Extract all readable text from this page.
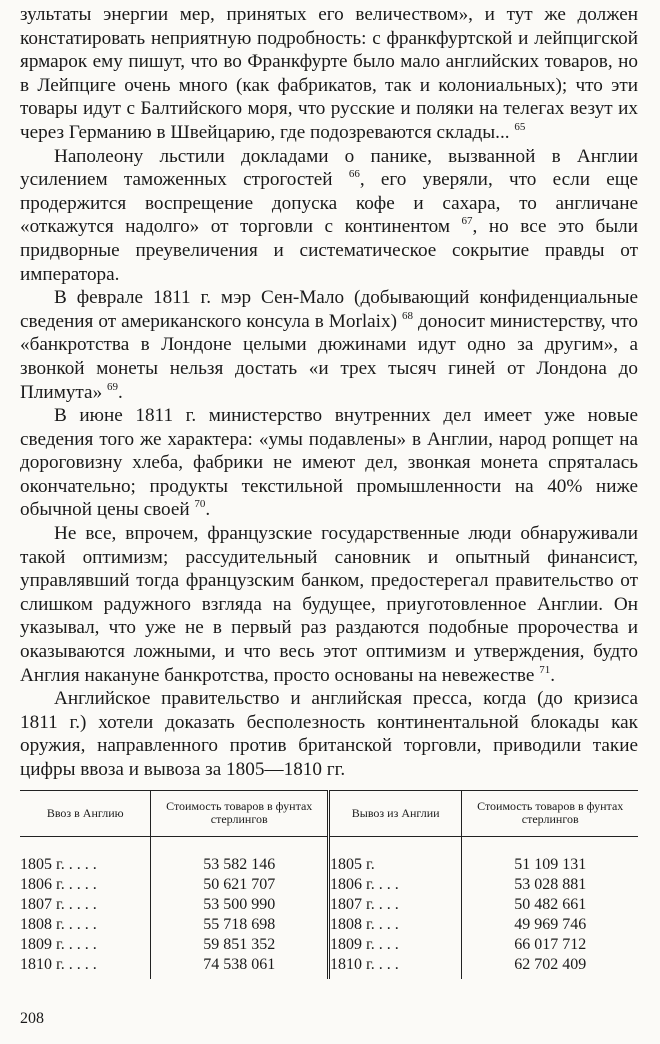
зультаты энергии мер, принятых его величеством», и тут же должен констатировать неприятную подробность: с франкфуртской и лейпцигской ярмарок ему пишут, что во Франкфурте было мало английских товаров, но в Лейпциге очень много (как фабрикатов, так и колониальных); что эти товары идут с Балтийского моря, что русские и поляки на телегах везут их через Германию в Швейцарию, где подозреваются склады... $^{65}$

Наполеону льстили докладами о панике, вызванной в Англии усилением таможенных строгостей $^{66}$, его уверяли, что если еще продержится воспрещение допуска кофе и сахара, то англичане «откажутся надолго» от торговли с континентом $^{67}$, но все это были придворные преувеличения и систематическое сокрытие правды от императора.

В феврале 1811 г. мэр Сен-Мало (добывающий конфиденциальные сведения от американского консула в Morlaix) $^{68}$ доносит министерству, что «банкротства в Лондоне целыми дюжинами идут одно за другим», а звонкой монеты нельзя достать «и трех тысяч гиней от Лондона до Плимута» $^{69}$.

В июне 1811 г. министерство внутренних дел имеет уже новые сведения того же характера: «умы подавлены» в Англии, народ ропщет на дороговизну хлеба, фабрики не имеют дел, звонкая монета спряталась окончательно; продукты текстильной промышленности на 40% ниже обычной цены своей $^{70}$.

Не все, впрочем, французские государственные люди обнаруживали такой оптимизм; рассудительный сановник и опытный финансист, управлявший тогда французским банком, предостерегал правительство от слишком радужного взгляда на будущее, приуготовленное Англии. Он указывал, что уже не в первый раз раздаются подобные пророчества и оказываются ложными, и что весь этот оптимизм и утверждения, будто Англия накануне банкротства, просто основаны на невежестве $^{71}$.

Английское правительство и английская пресса, когда (до кризиса 1811 г.) хотели доказать бесполезность континентальной блокады как оружия, направленного против британской торговли, приводили такие цифры ввоза и вывоза за 1805—1810 гг.

Ввоз в Англию	Стоимость товаров в фунтах стерлингов	Вывоз из Англии	Стоимость товаров в фунтах стерлингов

1805 г. . . . .	53 582 146	1805 г.	51 109 131
1806 г. . . . .	50 621 707	1806 г. . . .	53 028 881
1807 г. . . . .	53 500 990	1807 г. . . .	50 482 661
1808 г. . . . .	55 718 698	1808 г. . . .	49 969 746
1809 г. . . . .	59 851 352	1809 г. . . .	66 017 712
1810 г. . . . .	74 538 061	1810 г. . . .	62 702 409
208
